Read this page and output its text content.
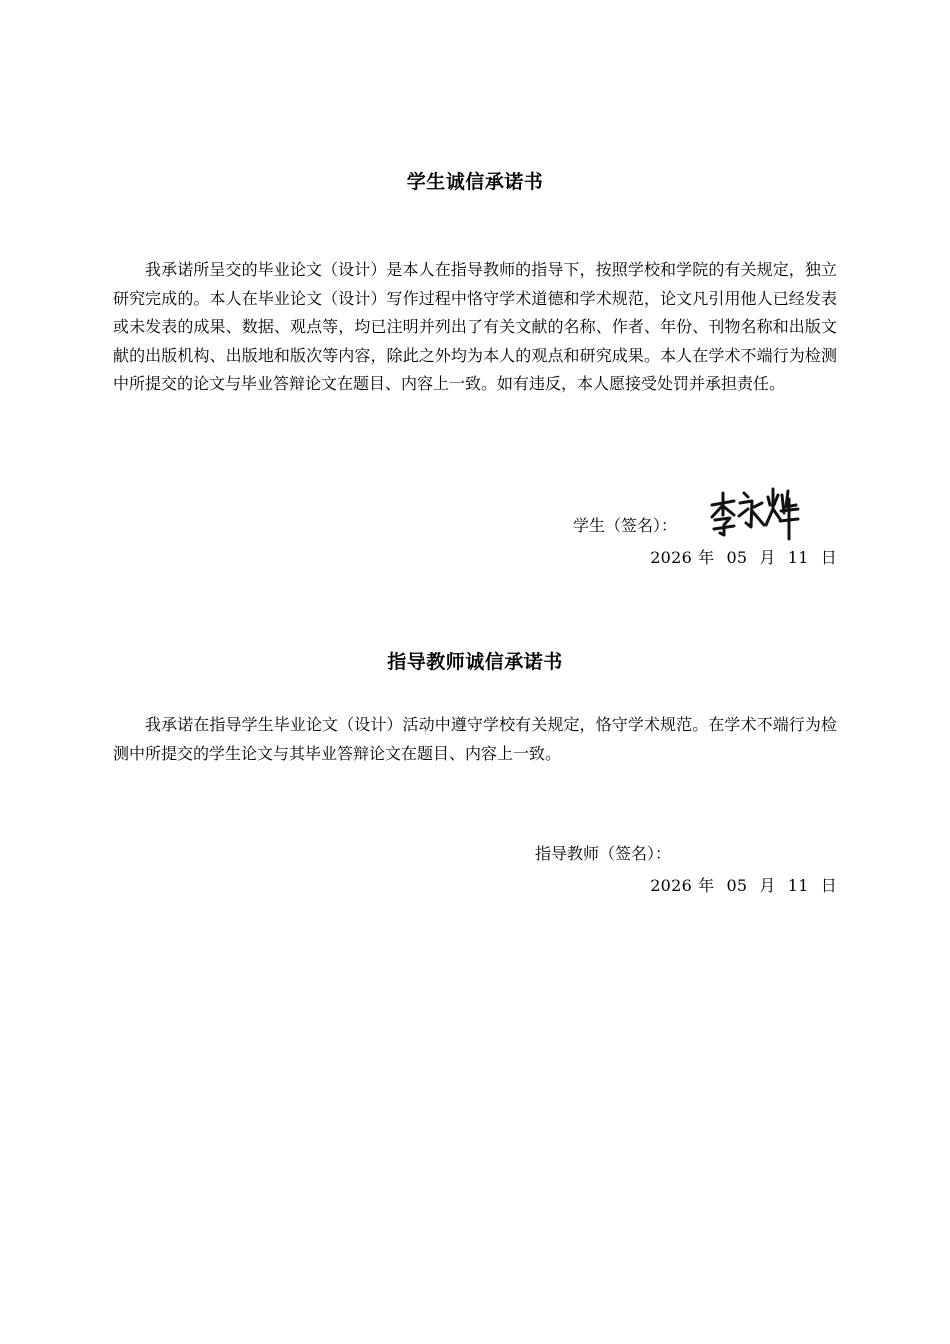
学生诚信承诺书
我承诺所呈交的毕业论文（设计）是本人在指导教师的指导下，按照学校和学院的有关规定，独立研究完成的。本人在毕业论文（设计）写作过程中恪守学术道德和学术规范，论文凡引用他人已经发表或未发表的成果、数据、观点等，均已注明并列出了有关文献的名称、作者、年份、刊物名称和出版文献的出版机构、出版地和版次等内容，除此之外均为本人的观点和研究成果。本人在学术不端行为检测中所提交的论文与毕业答辩论文在题目、内容上一致。如有违反，本人愿接受处罚并承担责任。
学生（签名）：
2026 年 05 月 11 日
指导教师诚信承诺书
我承诺在指导学生毕业论文（设计）活动中遵守学校有关规定，恪守学术规范。在学术不端行为检测中所提交的学生论文与其毕业答辩论文在题目、内容上一致。
指导教师（签名）：
2026 年 05 月 11 日
